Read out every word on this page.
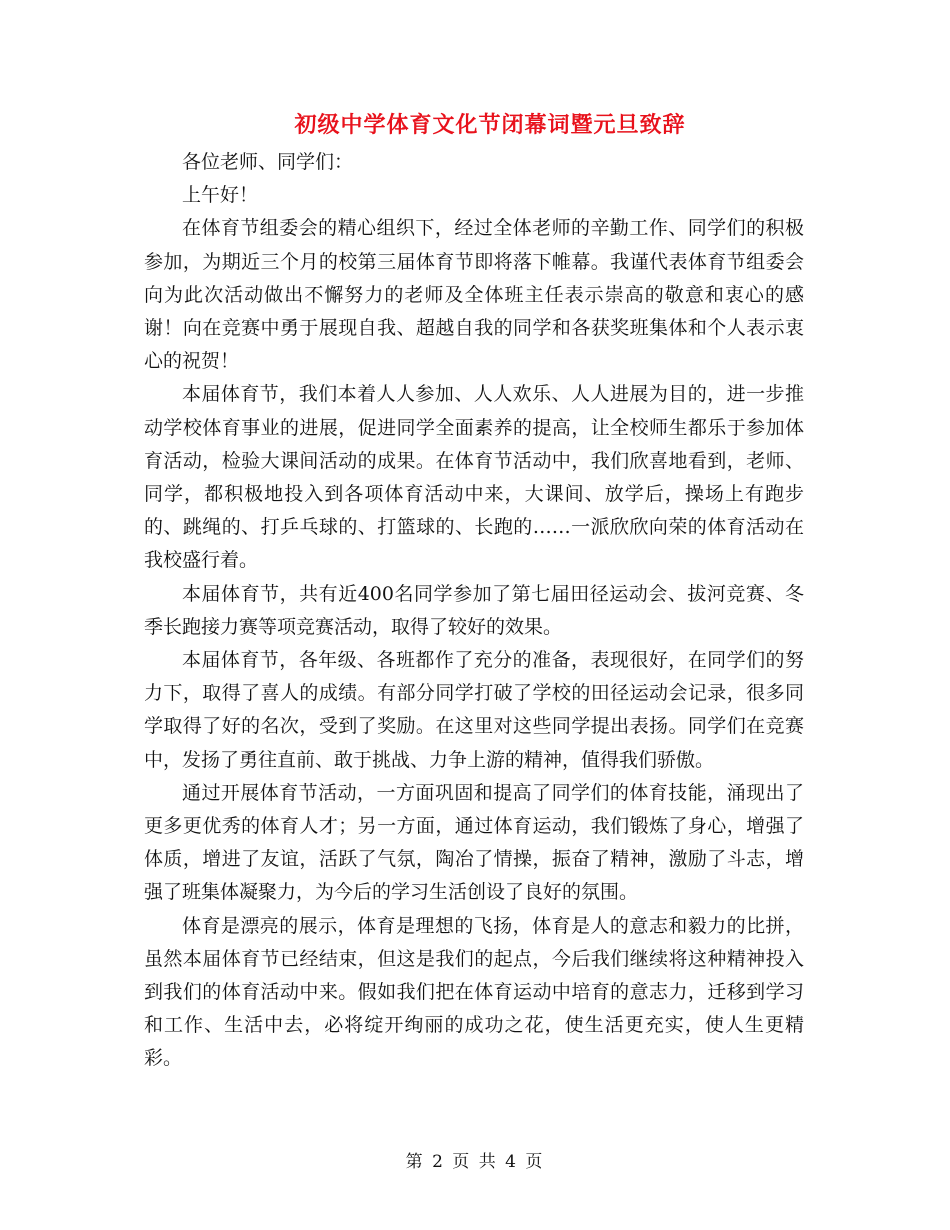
初级中学体育文化节闭幕词暨元旦致辞

各位老师、同学们：

上午好！

在体育节组委会的精心组织下，经过全体老师的辛勤工作、同学们的积极参加，为期近三个月的校第三届体育节即将落下帷幕。我谨代表体育节组委会向为此次活动做出不懈努力的老师及全体班主任表示崇高的敬意和衷心的感谢！向在竞赛中勇于展现自我、超越自我的同学和各获奖班集体和个人表示衷心的祝贺！

本届体育节，我们本着人人参加、人人欢乐、人人进展为目的，进一步推动学校体育事业的进展，促进同学全面素养的提高，让全校师生都乐于参加体育活动，检验大课间活动的成果。在体育节活动中，我们欣喜地看到，老师、同学，都积极地投入到各项体育活动中来，大课间、放学后，操场上有跑步的、跳绳的、打乒乓球的、打篮球的、长跑的……一派欣欣向荣的体育活动在我校盛行着。

本届体育节，共有近400名同学参加了第七届田径运动会、拔河竞赛、冬季长跑接力赛等项竞赛活动，取得了较好的效果。

本届体育节，各年级、各班都作了充分的准备，表现很好，在同学们的努力下，取得了喜人的成绩。有部分同学打破了学校的田径运动会记录，很多同学取得了好的名次，受到了奖励。在这里对这些同学提出表扬。同学们在竞赛中，发扬了勇往直前、敢于挑战、力争上游的精神，值得我们骄傲。

通过开展体育节活动，一方面巩固和提高了同学们的体育技能，涌现出了更多更优秀的体育人才；另一方面，通过体育运动，我们锻炼了身心，增强了体质，增进了友谊，活跃了气氛，陶冶了情操，振奋了精神，激励了斗志，增强了班集体凝聚力，为今后的学习生活创设了良好的氛围。

体育是漂亮的展示，体育是理想的飞扬，体育是人的意志和毅力的比拼，虽然本届体育节已经结束，但这是我们的起点，今后我们继续将这种精神投入到我们的体育活动中来。假如我们把在体育运动中培育的意志力，迁移到学习和工作、生活中去，必将绽开绚丽的成功之花，使生活更充实，使人生更精彩。

第 2 页 共 4 页
